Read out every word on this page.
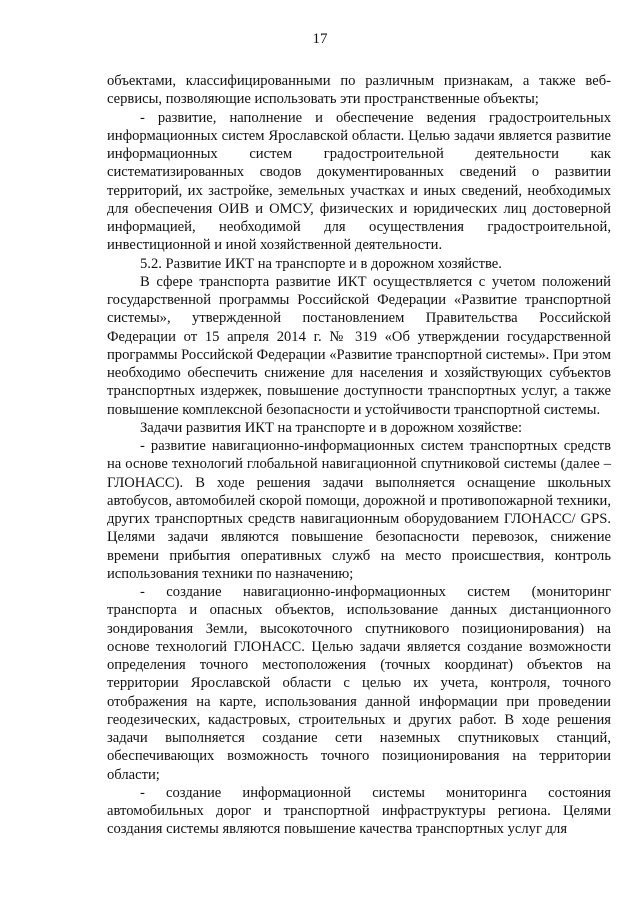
17

объектами, классифицированными по различным признакам, а также веб-сервисы, позволяющие использовать эти пространственные объекты;

- развитие, наполнение и обеспечение ведения градостроительных информационных систем Ярославской области. Целью задачи является развитие информационных систем градостроительной деятельности как систематизированных сводов документированных сведений о развитии территорий, их застройке, земельных участках и иных сведений, необходимых для обеспечения ОИВ и ОМСУ, физических и юридических лиц достоверной информацией, необходимой для осуществления градостроительной, инвестиционной и иной хозяйственной деятельности.

5.2. Развитие ИКТ на транспорте и в дорожном хозяйстве.

В сфере транспорта развитие ИКТ осуществляется с учетом положений государственной программы Российской Федерации «Развитие транспортной системы», утвержденной постановлением Правительства Российской Федерации от 15 апреля 2014 г. № 319 «Об утверждении государственной программы Российской Федерации «Развитие транспортной системы». При этом необходимо обеспечить снижение для населения и хозяйствующих субъектов транспортных издержек, повышение доступности транспортных услуг, а также повышение комплексной безопасности и устойчивости транспортной системы.

Задачи развития ИКТ на транспорте и в дорожном хозяйстве:

- развитие навигационно-информационных систем транспортных средств на основе технологий глобальной навигационной спутниковой системы (далее – ГЛОНАСС). В ходе решения задачи выполняется оснащение школьных автобусов, автомобилей скорой помощи, дорожной и противопожарной техники, других транспортных средств навигационным оборудованием ГЛОНАСС/ GPS. Целями задачи являются повышение безопасности перевозок, снижение времени прибытия оперативных служб на место происшествия, контроль использования техники по назначению;

- создание навигационно-информационных систем (мониторинг транспорта и опасных объектов, использование данных дистанционного зондирования Земли, высокоточного спутникового позиционирования) на основе технологий ГЛОНАСС. Целью задачи является создание возможности определения точного местоположения (точных координат) объектов на территории Ярославской области с целью их учета, контроля, точного отображения на карте, использования данной информации при проведении геодезических, кадастровых, строительных и других работ. В ходе решения задачи выполняется создание сети наземных спутниковых станций, обеспечивающих возможность точного позиционирования на территории области;

- создание информационной системы мониторинга состояния автомобильных дорог и транспортной инфраструктуры региона. Целями создания системы являются повышение качества транспортных услуг для
